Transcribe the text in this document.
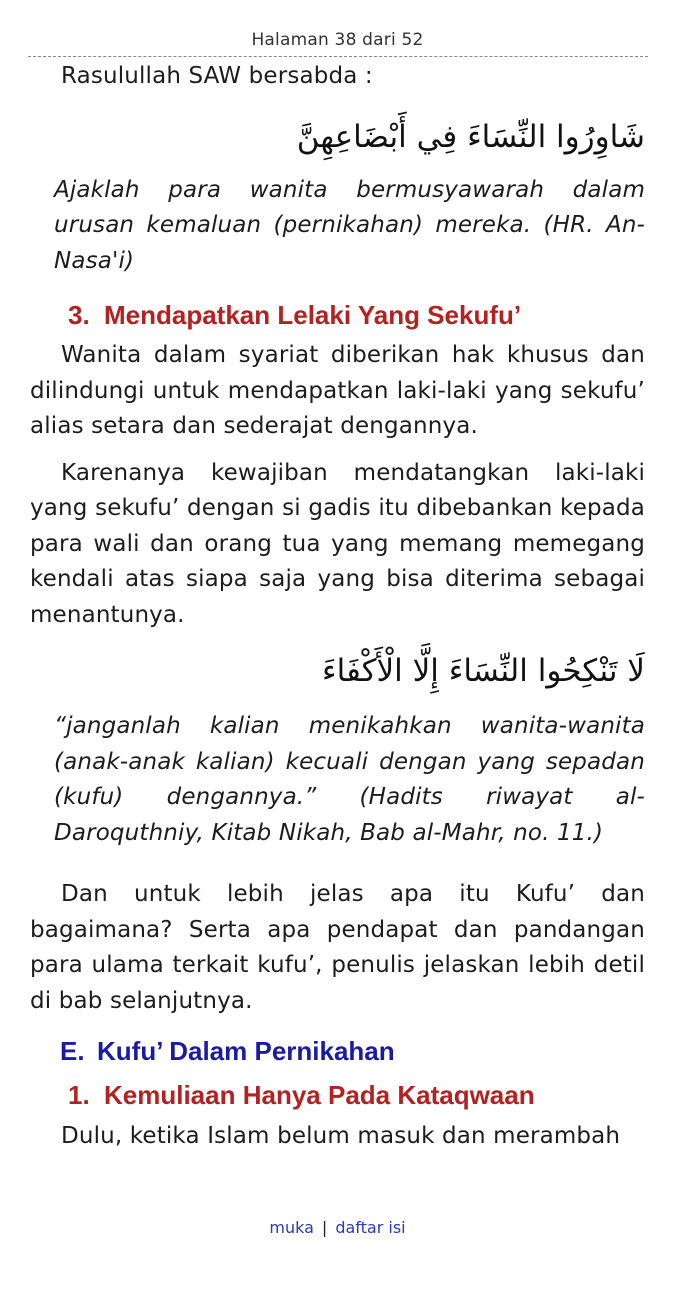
Halaman 38 dari 52

Rasulullah SAW bersabda :

شَاوِرُوا النِّسَاءَ فِي أَبْضَاعِهِنَّ

Ajaklah para wanita bermusyawarah dalam urusan kemaluan (pernikahan) mereka. (HR. An-Nasa'i)

3. Mendapatkan Lelaki Yang Sekufu’

Wanita dalam syariat diberikan hak khusus dan dilindungi untuk mendapatkan laki-laki yang sekufu’ alias setara dan sederajat dengannya.

Karenanya kewajiban mendatangkan laki-laki yang sekufu’ dengan si gadis itu dibebankan kepada para wali dan orang tua yang memang memegang kendali atas siapa saja yang bisa diterima sebagai menantunya.

لَا تَنْكِحُوا النِّسَاءَ إِلَّا الْأَكْفَاءَ

“janganlah kalian menikahkan wanita-wanita (anak-anak kalian) kecuali dengan yang sepadan (kufu) dengannya.” (Hadits riwayat al-Daroquthniy, Kitab Nikah, Bab al-Mahr, no. 11.)

Dan untuk lebih jelas apa itu Kufu’ dan bagaimana? Serta apa pendapat dan pandangan para ulama terkait kufu’, penulis jelaskan lebih detil di bab selanjutnya.

E. Kufu’ Dalam Pernikahan
1. Kemuliaan Hanya Pada Kataqwaan

Dulu, ketika Islam belum masuk dan merambah

muka | daftar isi
